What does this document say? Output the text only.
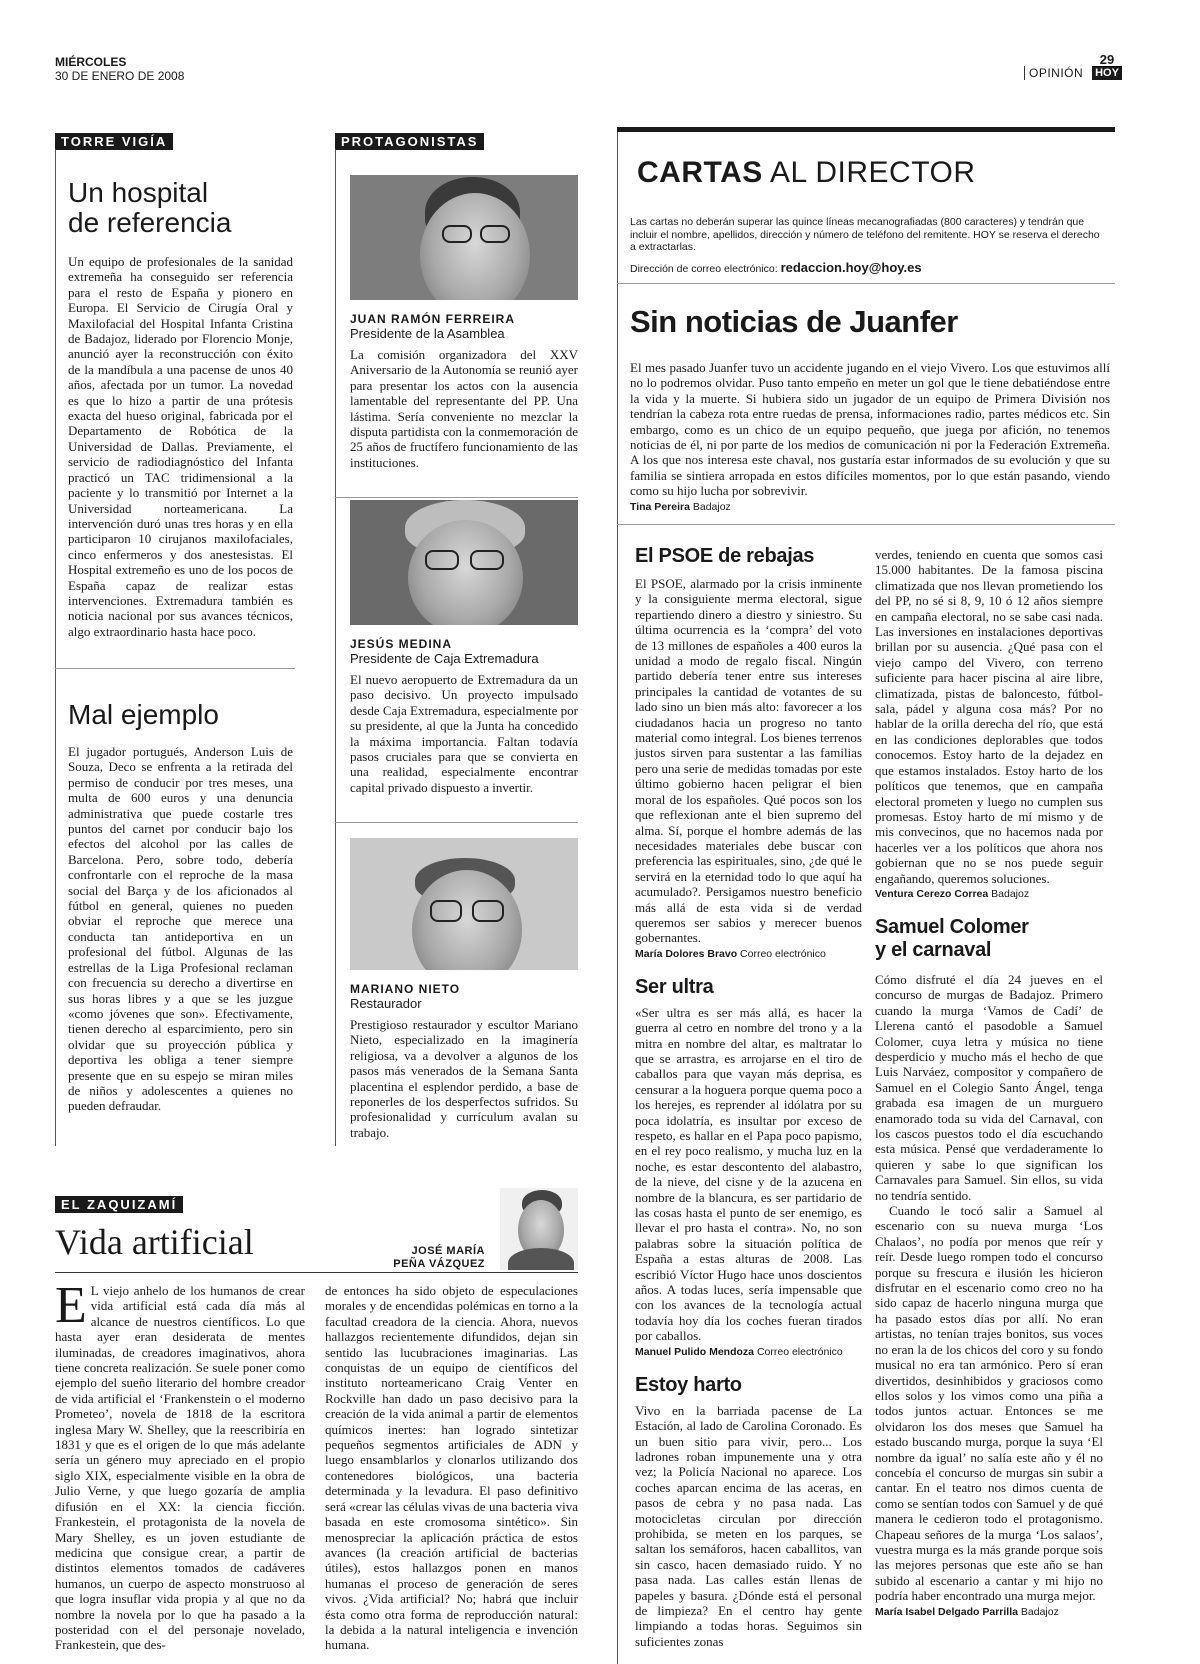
MIÉRCOLES
30 DE ENERO DE 2008	OPINIÓN
29
HOY
TORRE VIGÍA
Un hospital
de referencia

Un equipo de profesionales de la sanidad extremeña ha conseguido ser referencia para el resto de España y pionero en Europa. El Servicio de Cirugía Oral y Maxilofacial del Hospital Infanta Cristina de Badajoz, liderado por Florencio Monje, anunció ayer la reconstrucción con éxito de la mandíbula a una pacense de unos 40 años, afectada por un tumor. La novedad es que lo hizo a partir de una prótesis exacta del hueso original, fabricada por el Departamento de Robótica de la Universidad de Dallas. Previamente, el servicio de radiodiagnóstico del Infanta practicó un TAC tridimensional a la paciente y lo transmitió por Internet a la Universidad norteamericana. La intervención duró unas tres horas y en ella participaron 10 cirujanos maxilofaciales, cinco enfermeros y dos anestesistas. El Hospital extremeño es uno de los pocos de España capaz de realizar estas intervenciones. Extremadura también es noticia nacional por sus avances técnicos, algo extraordinario hasta hace poco.

Mal ejemplo

El jugador portugués, Anderson Luis de Souza, Deco se enfrenta a la retirada del permiso de conducir por tres meses, una multa de 600 euros y una denuncia administrativa que puede costarle tres puntos del carnet por conducir bajo los efectos del alcohol por las calles de Barcelona. Pero, sobre todo, debería confrontarle con el reproche de la masa social del Barça y de los aficionados al fútbol en general, quienes no pueden obviar el reproche que merece una conducta tan antideportiva en un profesional del fútbol. Algunas de las estrellas de la Liga Profesional reclaman con frecuencia su derecho a divertirse en sus horas libres y a que se les juzgue «como jóvenes que son». Efectivamente, tienen derecho al esparcimiento, pero sin olvidar que su proyección pública y deportiva les obliga a tener siempre presente que en su espejo se miran miles de niños y adolescentes a quienes no pueden defraudar.

PROTAGONISTAS
JUAN RAMÓN FERREIRA
Presidente de la Asamblea

La comisión organizadora del XXV Aniversario de la Autonomía se reunió ayer para presentar los actos con la ausencia lamentable del representante del PP. Una lástima. Sería conveniente no mezclar la disputa partidista con la conmemoración de 25 años de fructífero funcionamiento de las instituciones.

JESÚS MEDINA
Presidente de Caja Extremadura

El nuevo aeropuerto de Extremadura da un paso decisivo. Un proyecto impulsado desde Caja Extremadura, especialmente por su presidente, al que la Junta ha concedido la máxima importancia. Faltan todavía pasos cruciales para que se convierta en una realidad, especialmente encontrar capital privado dispuesto a invertir.

MARIANO NIETO
Restaurador

Prestigioso restaurador y escultor Mariano Nieto, especializado en la imaginería religiosa, va a devolver a algunos de los pasos más venerados de la Semana Santa placentina el esplendor perdido, a base de reponerles de los desperfectos sufridos. Su profesionalidad y currículum avalan su trabajo.

EL ZAQUIZAMÍ
Vida artificial	JOSÉ MARÍA
PEÑA VÁZQUEZ

E L viejo anhelo de los humanos de crear vida artificial está cada día más al alcance de nuestros científicos. Lo que hasta ayer eran desiderata de mentes iluminadas, de creadores imaginativos, ahora tiene concreta realización. Se suele poner como ejemplo del sueño literario del hombre creador de vida artificial el ‘Frankenstein o el moderno Prometeo’, novela de 1818 de la escritora inglesa Mary W. Shelley, que la reescribiría en 1831 y que es el origen de lo que más adelante sería un género muy apreciado en el propio siglo XIX, especialmente visible en la obra de Julio Verne, y que luego gozaría de amplia difusión en el XX: la ciencia ficción. Frankestein, el protagonista de la novela de Mary Shelley, es un joven estudiante de medicina que consigue crear, a partir de distintos elementos tomados de cadáveres humanos, un cuerpo de aspecto monstruoso al que logra insuflar vida propia y al que no da nombre la novela por lo que ha pasado a la posteridad con el del personaje novelado, Frankestein, que des-

de entonces ha sido objeto de especulaciones morales y de encendidas polémicas en torno a la facultad creadora de la ciencia. Ahora, nuevos hallazgos recientemente difundidos, dejan sin sentido las lucubraciones imaginarias. Las conquistas de un equipo de científicos del instituto norteamericano Craig Venter en Rockville han dado un paso decisivo para la creación de la vida animal a partir de elementos químicos inertes: han logrado sintetizar pequeños segmentos artificiales de ADN y luego ensamblarlos y clonarlos utilizando dos contenedores biológicos, una bacteria determinada y la levadura. El paso definitivo será «crear las células vivas de una bacteria viva basada en este cromosoma sintético». Sin menospreciar la aplicación práctica de estos avances (la creación artificial de bacterias útiles), estos hallazgos ponen en manos humanas el proceso de generación de seres vivos. ¿Vida artificial? No; habrá que incluir ésta como otra forma de reproducción natural: la debida a la natural inteligencia e invención humana.

CARTAS AL DIRECTOR
Las cartas no deberán superar las quince líneas mecanografiadas (800 caracteres) y tendrán que incluir el nombre, apellidos, dirección y número de teléfono del remitente. HOY se reserva el derecho a extractarlas.
Dirección de correo electrónico: redaccion.hoy@hoy.es
Sin noticias de Juanfer

El mes pasado Juanfer tuvo un accidente jugando en el viejo Vivero. Los que estuvimos allí no lo podremos olvidar. Puso tanto empeño en meter un gol que le tiene debatiéndose entre la vida y la muerte. Si hubiera sido un jugador de un equipo de Primera División nos tendrían la cabeza rota entre ruedas de prensa, informaciones radio, partes médicos etc. Sin embargo, como es un chico de un equipo pequeño, que juega por afición, no tenemos noticias de él, ni por parte de los medios de comunicación ni por la Federación Extremeña. A los que nos interesa este chaval, nos gustaría estar informados de su evolución y que su familia se sintiera arropada en estos difíciles momentos, por lo que están pasando, viendo como su hijo lucha por sobrevivir.

Tina Pereira Badajoz
El PSOE de rebajas

El PSOE, alarmado por la crisis inminente y la consiguiente merma electoral, sigue repartiendo dinero a diestro y siniestro. Su última ocurrencia es la ‘compra’ del voto de 13 millones de españoles a 400 euros la unidad a modo de regalo fiscal. Ningún partido debería tener entre sus intereses principales la cantidad de votantes de su lado sino un bien más alto: favorecer a los ciudadanos hacia un progreso no tanto material como integral. Los bienes terrenos justos sirven para sustentar a las familias pero una serie de medidas tomadas por este último gobierno hacen peligrar el bien moral de los españoles. Qué pocos son los que reflexionan ante el bien supremo del alma. Sí, porque el hombre además de las necesidades materiales debe buscar con preferencia las espirituales, sino, ¿de qué le servirá en la eternidad todo lo que aquí ha acumulado?. Persigamos nuestro beneficio más allá de esta vida si de verdad queremos ser sabios y merecer buenos gobernantes.

María Dolores Bravo Correo electrónico
Ser ultra

«Ser ultra es ser más allá, es hacer la guerra al cetro en nombre del trono y a la mitra en nombre del altar, es maltratar lo que se arrastra, es arrojarse en el tiro de caballos para que vayan más deprisa, es censurar a la hoguera porque quema poco a los herejes, es reprender al idólatra por su poca idolatría, es insultar por exceso de respeto, es hallar en el Papa poco papismo, en el rey poco realismo, y mucha luz en la noche, es estar descontento del alabastro, de la nieve, del cisne y de la azucena en nombre de la blancura, es ser partidario de las cosas hasta el punto de ser enemigo, es llevar el pro hasta el contra». No, no son palabras sobre la situación política de España a estas alturas de 2008. Las escribió Víctor Hugo hace unos doscientos años. A todas luces, sería impensable que con los avances de la tecnología actual todavía hoy día los coches fueran tirados por caballos.

Manuel Pulido Mendoza Correo electrónico
Estoy harto

Vivo en la barriada pacense de La Estación, al lado de Carolina Coronado. Es un buen sitio para vivir, pero... Los ladrones roban impunemente una y otra vez; la Policía Nacional no aparece. Los coches aparcan encima de las aceras, en pasos de cebra y no pasa nada. Las motocicletas circulan por dirección prohibida, se meten en los parques, se saltan los semáforos, hacen caballitos, van sin casco, hacen demasiado ruido. Y no pasa nada. Las calles están llenas de papeles y basura. ¿Dónde está el personal de limpieza? En el centro hay gente limpiando a todas horas. Seguimos sin suficientes zonas

verdes, teniendo en cuenta que somos casi 15.000 habitantes. De la famosa piscina climatizada que nos llevan prometiendo los del PP, no sé si 8, 9, 10 ó 12 años siempre en campaña electoral, no se sabe casi nada. Las inversiones en instalaciones deportivas brillan por su ausencia. ¿Qué pasa con el viejo campo del Vivero, con terreno suficiente para hacer piscina al aire libre, climatizada, pistas de baloncesto, fútbol-sala, pádel y alguna cosa más? Por no hablar de la orilla derecha del río, que está en las condiciones deplorables que todos conocemos. Estoy harto de la dejadez en que estamos instalados. Estoy harto de los políticos que tenemos, que en campaña electoral prometen y luego no cumplen sus promesas. Estoy harto de mí mismo y de mis convecinos, que no hacemos nada por hacerles ver a los políticos que ahora nos gobiernan que no se nos puede seguir engañando, queremos soluciones.

Ventura Cerezo Correa Badajoz
Samuel Colomer
y el carnaval

Cómo disfruté el día 24 jueves en el concurso de murgas de Badajoz. Primero cuando la murga ‘Vamos de Cadí’ de Llerena cantó el pasodoble a Samuel Colomer, cuya letra y música no tiene desperdicio y mucho más el hecho de que Luis Narváez, compositor y compañero de Samuel en el Colegio Santo Ángel, tenga grabada esa imagen de un murguero enamorado toda su vida del Carnaval, con los cascos puestos todo el día escuchando esta música. Pensé que verdaderamente lo quieren y sabe lo que significan los Carnavales para Samuel. Sin ellos, su vida no tendría sentido.

Cuando le tocó salir a Samuel al escenario con su nueva murga ‘Los Chalaos’, no podía por menos que reír y reír. Desde luego rompen todo el concurso porque su frescura e ilusión les hicieron disfrutar en el escenario como creo no ha sido capaz de hacerlo ninguna murga que ha pasado estos días por allí. No eran artistas, no tenían trajes bonitos, sus voces no eran la de los chicos del coro y su fondo musical no era tan armónico. Pero sí eran divertidos, desinhibidos y graciosos como ellos solos y los vimos como una piña a todos juntos actuar. Entonces se me olvidaron los dos meses que Samuel ha estado buscando murga, porque la suya ‘El nombre da igual’ no salía este año y él no concebía el concurso de murgas sin subir a cantar. En el teatro nos dimos cuenta de como se sentían todos con Samuel y de qué manera le cedieron todo el protagonismo. Chapeau señores de la murga ‘Los salaos’, vuestra murga es la más grande porque sois las mejores personas que este año se han subido al escenario a cantar y mi hijo no podría haber encontrado una murga mejor.

María Isabel Delgado Parrilla Badajoz
